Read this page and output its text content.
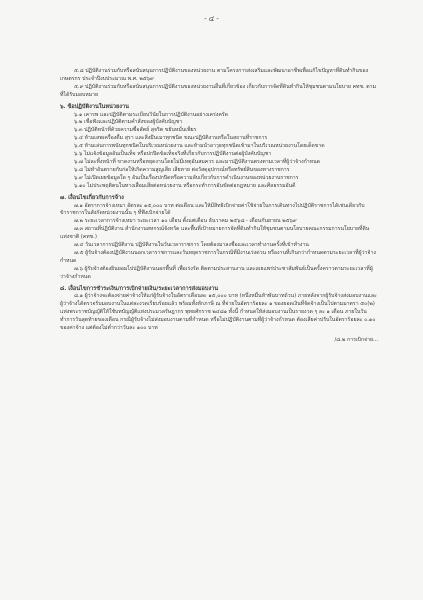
- ๔ -

๕.๘ ปฏิบัติงานร่วมกับหรือสนับสนุนการปฏิบัติงานของหน่วยงาน ตามโครงการส่งเสริมและพัฒนาอาชีพเพื่อแก้ไขปัญหาที่ดินทำกินของเกษตรกร ประจำปีงบประมาณ พ.ศ. ๒๕๖๙

๕.๙ ปฏิบัติงานร่วมกับหรือสนับสนุนการปฏิบัติงานของหน่วยงานอื่นที่เกี่ยวข้อง เกี่ยวกับการจัดที่ดินทำกินให้ชุมชนตามนโยบาย คทช. ตามที่ได้รับมอบหมาย

๖. ข้อปฏิบัติงานในหน่วยงาน

๖.๑ เคารพ และปฏิบัติตามระเบียบวินัยในการปฏิบัติงานอย่างเคร่งครัด

๖.๒ เชื่อฟังและปฏิบัติตามคำสั่งของผู้บังคับบัญชา

๖.๓ ปฏิบัติหน้าที่ด้วยความซื่อสัตย์ สุจริต ขยันหมั่นเพียร

๖.๔ ห้ามเสพเครื่องดื่ม สุรา และสิ่งมึนเมาทุกชนิด ขณะปฏิบัติงานหรือในสถานที่ราชการ

๖.๕ ห้ามเล่นการพนันทุกชนิดในบริเวณหน่วยงาน และห้ามนำอาวุธทุกชนิดเข้ามาในบริเวณหน่วยงานโดยเด็ดขาด

๖.๖ ไม่แจ้งข้อมูลอันเป็นเท็จ หรือปกปิดข้อเท็จจริงที่เกี่ยวกับการปฏิบัติงานต่อผู้บังคับบัญชา

๖.๗ ไม่ละทิ้งหน้าที่ ขาดงานหรือหยุดงานโดยไม่มีเหตุอันสมควร และมาปฏิบัติงานตรงตามเวลาที่ผู้ว่าจ้างกำหนด

๖.๘ ไม่ทำอันตรายกับก่อให้เกิดความสูญเสีย เสียหาย ต่อวัสดุอุปกรณ์หรือทรัพย์สินของทางราชการ

๖.๙ ไม่เปิดเผยข้อมูลใด ๆ อันเป็นเรื่องปกปิดหรือความลับเกี่ยวกับการดำเนินงานของหน่วยงานราชการ

๖.๑๐ ไม่ประพฤติตนในทางเสื่อมเสียต่อหน่วยงาน หรือกระทำการอันขัดต่อกฎหมาย และศีลธรรมอันดี

๗. เงื่อนไขเกี่ยวกับการจ้าง

๗.๑ อัตราการจ้างเหมา อัตรละ ๑๕,๐๐๐ บาท ต่อเดือน และให้มีสิทธิเบิกจ่ายค่าใช้จ่ายในการเดินทางไปปฏิบัติราชการได้เช่นเดียวกับข้าราชการในสังกัดหน่วยงานนั้น ๆ ที่พึงเบิกจ่ายได้

๗.๒ ระยะเวลาการจ้างเหมา ระยะเวลา ๑๐ เดือน ตั้งแต่เดือน ธันวาคม ๒๕๖๘ - เดือนกันยายน ๒๕๖๙

๗.๓ สถานที่ปฏิบัติงาน สำนักงานสหกรณ์จังหวัด และพื้นที่เป้าหมายการจัดที่ดินทำกินให้ชุมชนตามนโยบายคณะกรรมการนโยบายที่ดินแห่งชาติ (คทช.)

๗.๔ วันเวลาการปฏิบัติงาน ปฏิบัติงานในวันเวลาราชการ โดยต้องมาลงชื่อและเวลาทำงานครั้งที่เข้าทำงาน

๗.๕ ผู้รับจ้างต้องปฏิบัติงานนอกเวลาราชการและวันหยุดราชการในกรณีที่มีงานเร่งด่วน หรืองานที่เกินกว่ากำหนดตามระยะเวลาที่ผู้ว่าจ้างกำหนด

๗.๖ ผู้รับจ้างต้องยินยอมไปปฏิบัติงานนอกพื้นที่ เพื่อเร่งรัด ติดตามประสานงาน และเผยแพร่ประชาสัมพันธ์เป็นครั้งคราวตามระยะเวลาที่ผู้ว่าจ้างกำหนด

๘. เงื่อนไขการชำระเงิน/การเบิกจ่ายเงิน/ระยะเวลาการส่งมอบงาน

๘.๑ ผู้ว่าจ้างจะต้องจ่ายค่าจ้างให้แก่ผู้รับจ้างในอัตราเดือนละ ๑๕,๐๐๐ บาท (หนึ่งหมื่นห้าพันบาทถ้วน) ภายหลังจากผู้รับจ้างส่งมอบงานและผู้ว่าจ้างได้ตรวจรับมอบงานในแต่ละงวดเรียบร้อยแล้ว พร้อมทั้งหักภาษี ณ ที่จ่ายในอัตราร้อยละ ๑ ของยอดเงินที่จัดจ้างเป็นไปตามมาตรา ๕๐(๒) แห่งพระราชบัญญัติให้ใช้บทบัญญัติแห่งประมวลรัษฎากร พุทธศักราช ๒๔๘๑ ทั้งนี้ กำหนดให้ส่งมอบงานเป็นรายงวด ๆ ละ ๑ เดือน ภายในวันทำการวันสุดท้ายของเดือน กรณีผู้รับจ้างไม่ส่งมอบงานตามที่กำหนด หรือไม่ปฏิบัติงานตามที่ผู้ว่าจ้างกำหนด ต้องเสียค่าปรับในอัตราร้อยละ ๐.๑๐ ของค่าจ้าง แต่ต้องไม่ต่ำกว่าวันละ ๑๐๐ บาท

/๘.๒ การเบิกจ่าย...
